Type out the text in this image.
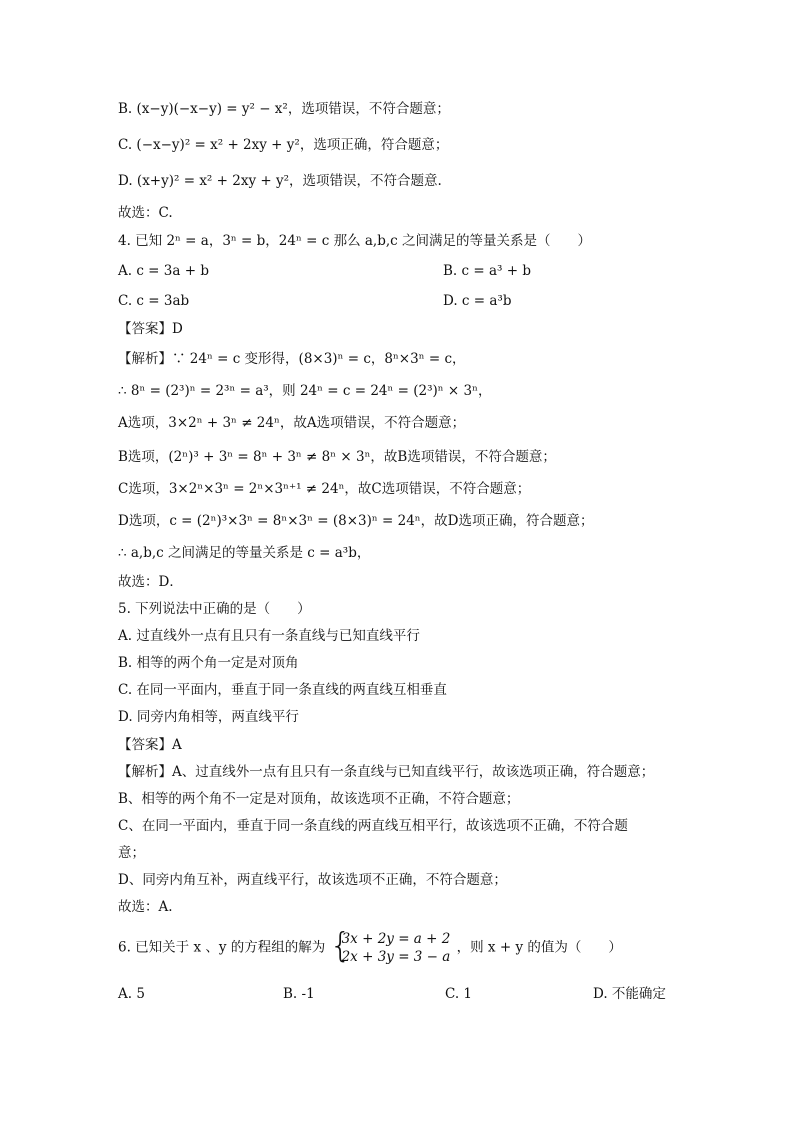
B. (x−y)(−x−y) = y² − x²，选项错误，不符合题意；
C. (−x−y)² = x² + 2xy + y²，选项正确，符合题意；
D. (x+y)² = x² + 2xy + y²，选项错误，不符合题意.
故选：C.
4. 已知 2ⁿ = a，3ⁿ = b，24ⁿ = c 那么 a,b,c 之间满足的等量关系是（　　）
A. c = 3a + b	B. c = a³ + b
C. c = 3ab	D. c = a³b
【答案】D
【解析】∵ 24ⁿ = c 变形得，(8×3)ⁿ = c，8ⁿ×3ⁿ = c，
∴ 8ⁿ = (2³)ⁿ = 2³ⁿ = a³，则 24ⁿ = c = 24ⁿ = (2³)ⁿ × 3ⁿ，
A选项，3×2ⁿ + 3ⁿ ≠ 24ⁿ，故A选项错误，不符合题意；
B选项，(2ⁿ)³ + 3ⁿ = 8ⁿ + 3ⁿ ≠ 8ⁿ × 3ⁿ，故B选项错误，不符合题意；
C选项，3×2ⁿ×3ⁿ = 2ⁿ×3ⁿ⁺¹ ≠ 24ⁿ，故C选项错误，不符合题意；
D选项，c = (2ⁿ)³×3ⁿ = 8ⁿ×3ⁿ = (8×3)ⁿ = 24ⁿ，故D选项正确，符合题意；
∴ a,b,c 之间满足的等量关系是 c = a³b，
故选：D．
5. 下列说法中正确的是（　　）
A. 过直线外一点有且只有一条直线与已知直线平行
B. 相等的两个角一定是对顶角
C. 在同一平面内，垂直于同一条直线的两直线互相垂直
D. 同旁内角相等，两直线平行
【答案】A
【解析】A、过直线外一点有且只有一条直线与已知直线平行，故该选项正确，符合题意；
B、相等的两个角不一定是对顶角，故该选项不正确，不符合题意；
C、在同一平面内，垂直于同一条直线的两直线互相平行，故该选项不正确，不符合题
意；
D、同旁内角互补，两直线平行，故该选项不正确，不符合题意；
故选：A.
6. 已知关于 x 、y 的方程组的解为 {
3x + 2y = a + 2
2x + 3y = 3 − a
，则 x + y 的值为（　　）
A. 5	B. -1	C. 1	D. 不能确定
